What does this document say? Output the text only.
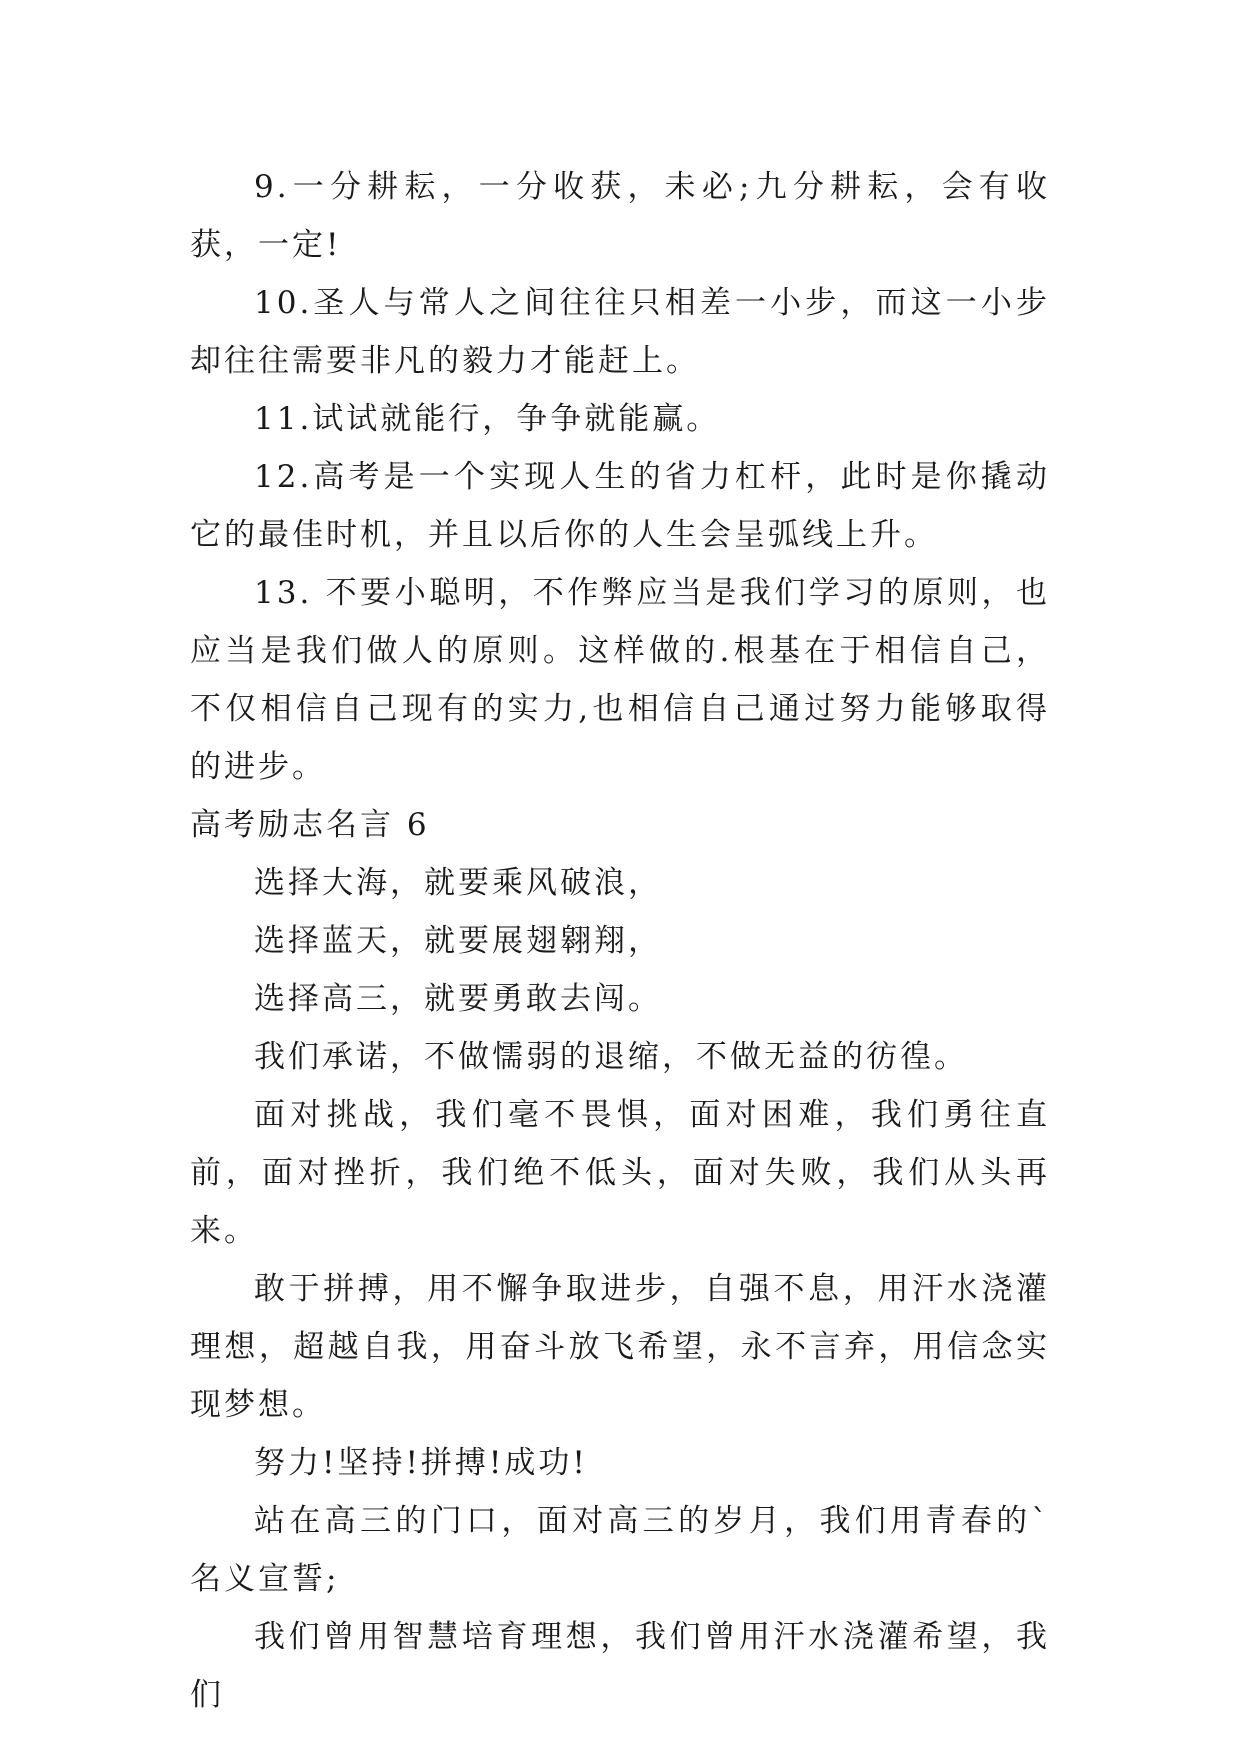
9.一分耕耘，一分收获，未必;九分耕耘，会有收获，一定!

10.圣人与常人之间往往只相差一小步，而这一小步却往往需要非凡的毅力才能赶上。

11.试试就能行，争争就能赢。

12.高考是一个实现人生的省力杠杆，此时是你撬动它的最佳时机，并且以后你的人生会呈弧线上升。

13. 不要小聪明，不作弊应当是我们学习的原则，也应当是我们做人的原则。这样做的.根基在于相信自己，不仅相信自己现有的实力,也相信自己通过努力能够取得的进步。

高考励志名言 6

选择大海，就要乘风破浪，

选择蓝天，就要展翅翱翔，

选择高三，就要勇敢去闯。

我们承诺，不做懦弱的退缩，不做无益的彷徨。

面对挑战，我们毫不畏惧，面对困难，我们勇往直前，面对挫折，我们绝不低头，面对失败，我们从头再来。

敢于拼搏，用不懈争取进步，自强不息，用汗水浇灌理想，超越自我，用奋斗放飞希望，永不言弃，用信念实现梦想。

努力!坚持!拼搏!成功!

站在高三的门口，面对高三的岁月，我们用青春的`名义宣誓;

我们曾用智慧培育理想，我们曾用汗水浇灌希望，我们
